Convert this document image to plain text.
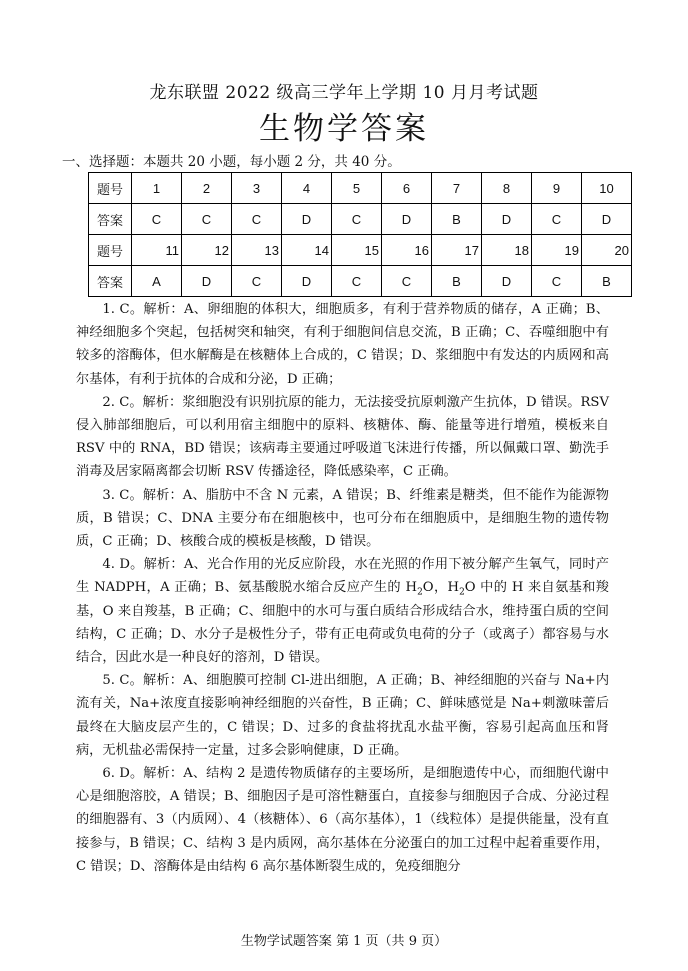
龙东联盟 2022 级高三学年上学期 10 月月考试题
生物学答案
一、选择题：本题共 20 小题，每小题 2 分，共 40 分。
题号	1	2	3	4	5	6	7	8	9	10
答案	C	C	C	D	C	D	B	D	C	D
题号	11	12	13	14	15	16	17	18	19	20
答案	A	D	C	D	C	C	B	D	C	B

1. C。解析：A、卵细胞的体积大，细胞质多，有利于营养物质的储存，A 正确；B、神经细胞多个突起，包括树突和轴突，有利于细胞间信息交流，B 正确；C、吞噬细胞中有较多的溶酶体，但水解酶是在核糖体上合成的，C 错误；D、浆细胞中有发达的内质网和高尔基体，有利于抗体的合成和分泌，D 正确；

2. C。解析：浆细胞没有识别抗原的能力，无法接受抗原刺激产生抗体，D 错误。RSV 侵入肺部细胞后，可以利用宿主细胞中的原料、核糖体、酶、能量等进行增殖，模板来自 RSV 中的 RNA，BD 错误；该病毒主要通过呼吸道飞沫进行传播，所以佩戴口罩、勤洗手消毒及居家隔离都会切断 RSV 传播途径，降低感染率，C 正确。

3. C。解析：A、脂肪中不含 N 元素，A 错误；B、纤维素是糖类，但不能作为能源物质，B 错误；C、DNA 主要分布在细胞核中，也可分布在细胞质中，是细胞生物的遗传物质，C 正确；D、核酸合成的模板是核酸，D 错误。

4. D。解析：A、光合作用的光反应阶段，水在光照的作用下被分解产生氧气，同时产生 NADPH，A 正确；B、氨基酸脱水缩合反应产生的 $H_2O$，$H_2O$ 中的 H 来自氨基和羧基，O 来自羧基，B 正确；C、细胞中的水可与蛋白质结合形成结合水，维持蛋白质的空间结构，C 正确；D、水分子是极性分子，带有正电荷或负电荷的分子（或离子）都容易与水结合，因此水是一种良好的溶剂，D 错误。

5. C。解析：A、细胞膜可控制 Cl-进出细胞，A 正确；B、神经细胞的兴奋与 Na+内流有关，Na+浓度直接影响神经细胞的兴奋性，B 正确；C、鲜味感觉是 Na+刺激味蕾后最终在大脑皮层产生的，C 错误；D、过多的食盐将扰乱水盐平衡，容易引起高血压和肾病，无机盐必需保持一定量，过多会影响健康，D 正确。

6. D。解析：A、结构 2 是遗传物质储存的主要场所，是细胞遗传中心，而细胞代谢中心是细胞溶胶，A 错误；B、细胞因子是可溶性糖蛋白，直接参与细胞因子合成、分泌过程的细胞器有、3（内质网）、4（核糖体）、6（高尔基体），1（线粒体）是提供能量，没有直接参与，B 错误；C、结构 3 是内质网，高尔基体在分泌蛋白的加工过程中起着重要作用，C 错误；D、溶酶体是由结构 6 高尔基体断裂生成的，免疫细胞分

生物学试题答案 第 1 页（共 9 页）
